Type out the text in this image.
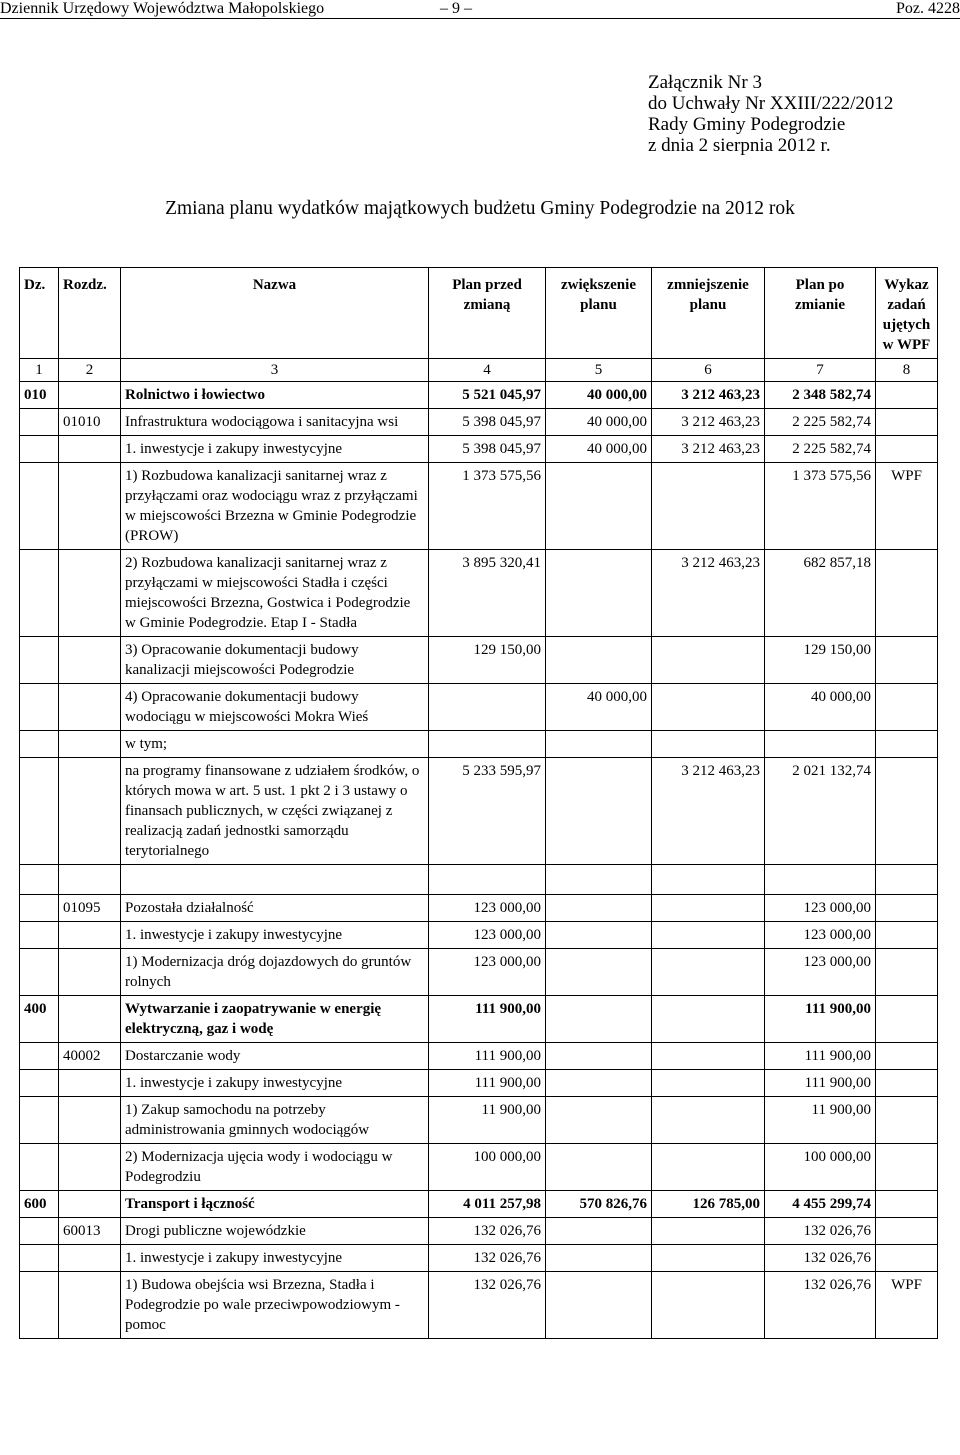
Dziennik Urzędowy Województwa Małopolskiego	– 9 –	Poz. 4228
Załącznik Nr 3
do Uchwały Nr XXIII/222/2012
Rady Gminy Podegrodzie
z dnia 2 sierpnia 2012 r.
Zmiana planu wydatków majątkowych budżetu Gminy Podegrodzie na 2012 rok
Dz.	Rozdz.	Nazwa	Plan przed zmianą	zwiększenie planu	zmniejszenie planu	Plan po zmianie	Wykaz zadań ujętych w WPF
1	2	3	4	5	6	7	8
010		Rolnictwo i łowiectwo	5 521 045,97	40 000,00	3 212 463,23	2 348 582,74	
	01010	Infrastruktura wodociągowa i sanitacyjna wsi	5 398 045,97	40 000,00	3 212 463,23	2 225 582,74	
		1. inwestycje i zakupy inwestycyjne	5 398 045,97	40 000,00	3 212 463,23	2 225 582,74	
		1) Rozbudowa kanalizacji sanitarnej wraz z przyłączami oraz wodociągu wraz z przyłączami w miejscowości Brzezna w Gminie Podegrodzie (PROW)	1 373 575,56			1 373 575,56	WPF
		2) Rozbudowa kanalizacji sanitarnej wraz z przyłączami w miejscowości Stadła i części miejscowości Brzezna, Gostwica i Podegrodzie w Gminie Podegrodzie. Etap I - Stadła	3 895 320,41		3 212 463,23	682 857,18	
		3) Opracowanie dokumentacji budowy kanalizacji miejscowości Podegrodzie	129 150,00			129 150,00	
		4) Opracowanie dokumentacji budowy wodociągu w miejscowości Mokra Wieś		40 000,00		40 000,00	
		w tym;					
		na programy finansowane z udziałem środków, o których mowa w art. 5 ust. 1 pkt 2 i 3 ustawy o finansach publicznych, w części związanej z realizacją zadań jednostki samorządu terytorialnego	5 233 595,97		3 212 463,23	2 021 132,74	

	01095	Pozostała działalność	123 000,00			123 000,00	
		1. inwestycje i zakupy inwestycyjne	123 000,00			123 000,00	
		1) Modernizacja dróg dojazdowych do gruntów rolnych	123 000,00			123 000,00	
400		Wytwarzanie i zaopatrywanie w energię elektryczną, gaz i wodę	111 900,00			111 900,00	
	40002	Dostarczanie wody	111 900,00			111 900,00	
		1. inwestycje i zakupy inwestycyjne	111 900,00			111 900,00	
		1) Zakup samochodu na potrzeby administrowania gminnych wodociągów	11 900,00			11 900,00	
		2) Modernizacja ujęcia wody i wodociągu w Podegrodziu	100 000,00			100 000,00	
600		Transport i łączność	4 011 257,98	570 826,76	126 785,00	4 455 299,74	
	60013	Drogi publiczne wojewódzkie	132 026,76			132 026,76	
		1. inwestycje i zakupy inwestycyjne	132 026,76			132 026,76	
		1) Budowa obejścia wsi Brzezna, Stadła i Podegrodzie po wale przeciwpowodziowym - pomoc	132 026,76			132 026,76	WPF
